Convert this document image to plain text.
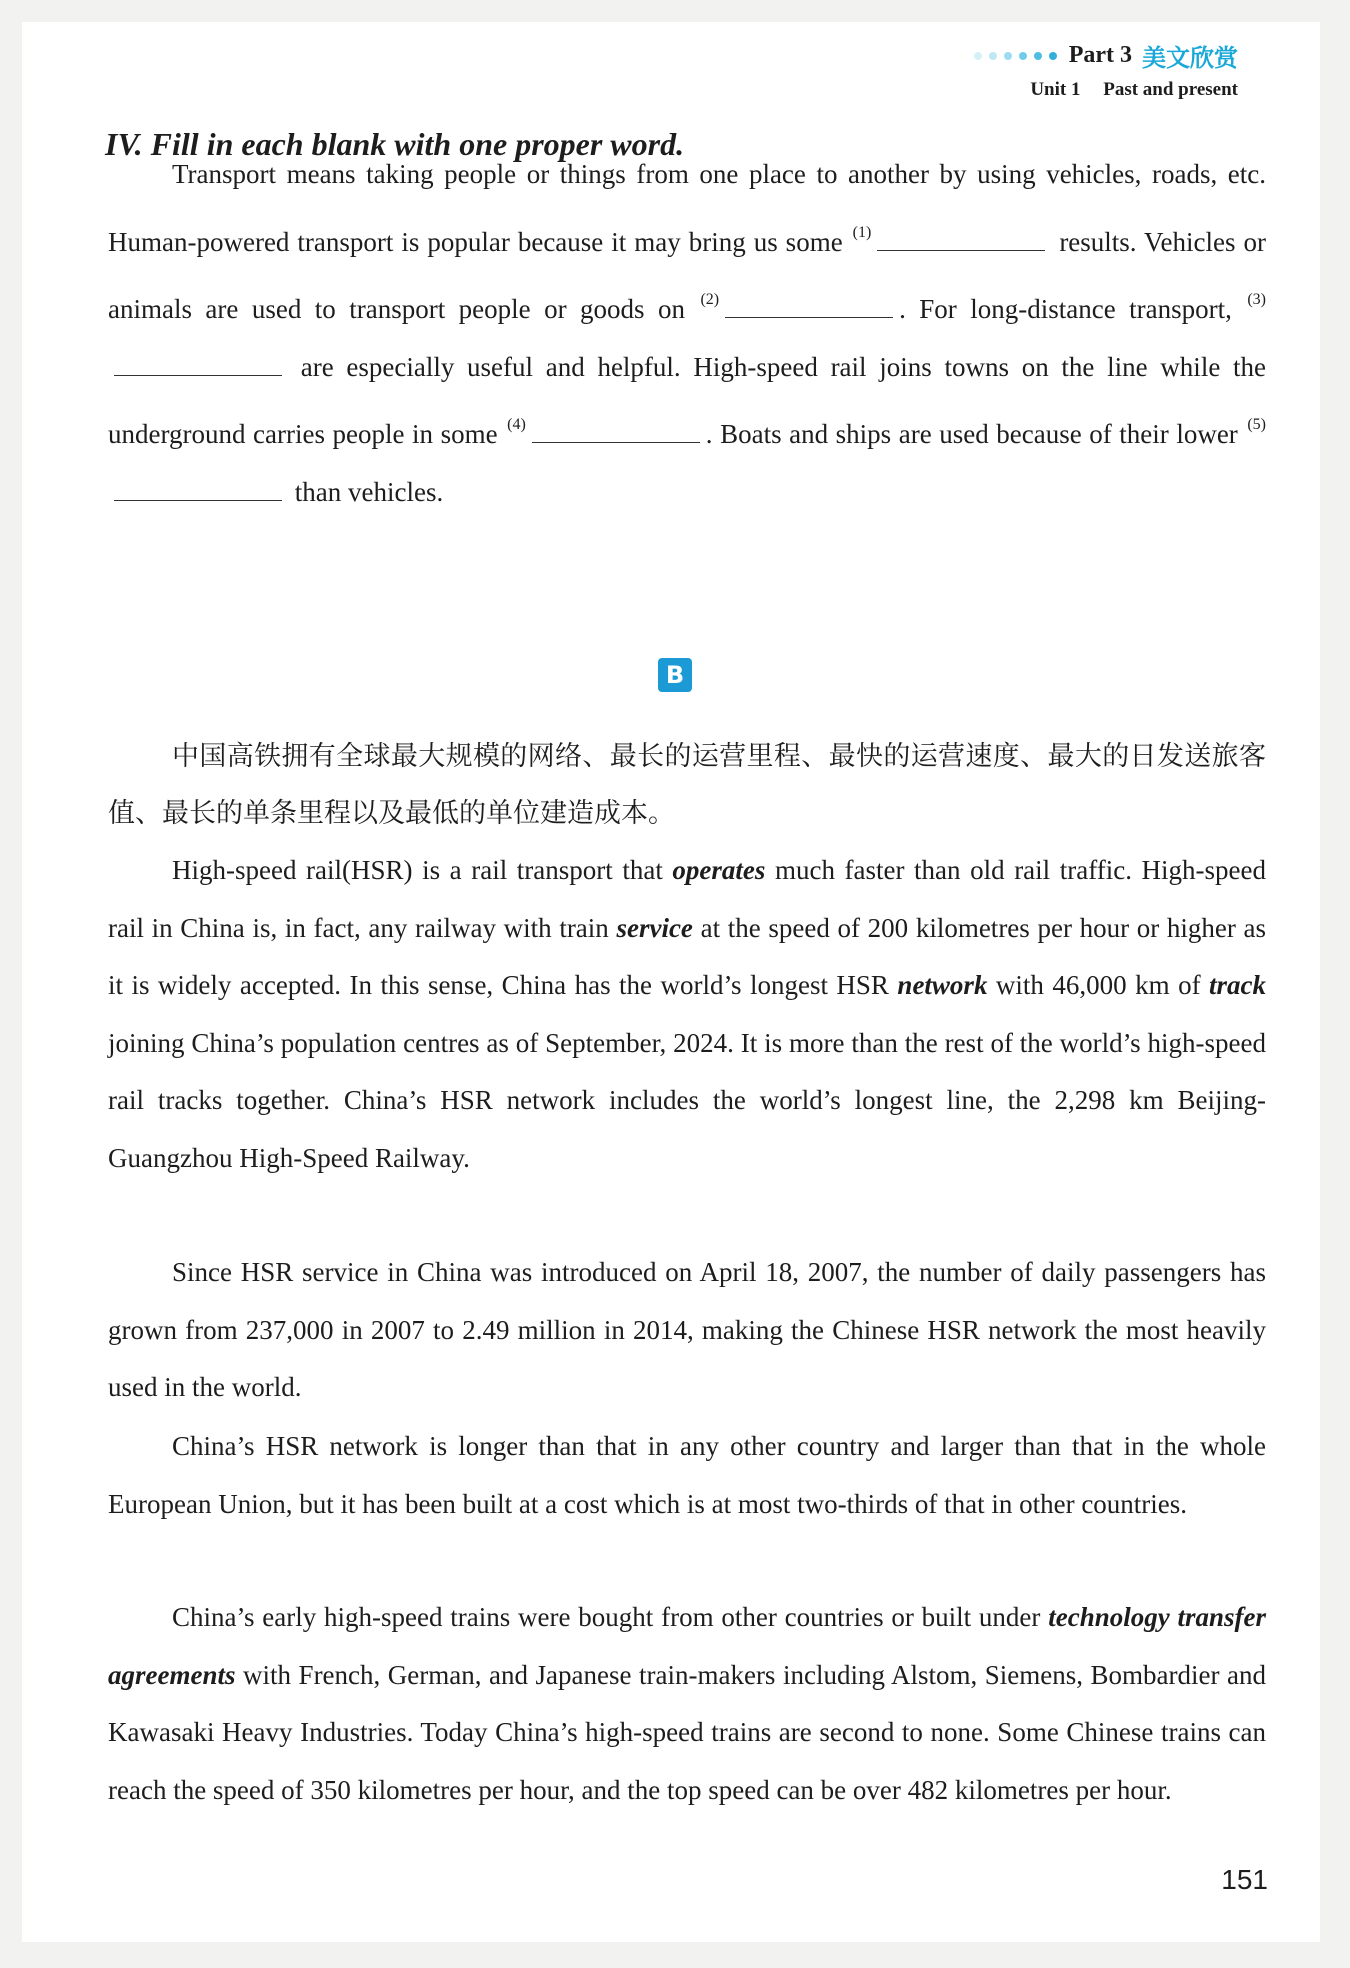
Part 3 美文欣赏
Unit 1 Past and present
IV. Fill in each blank with one proper word.
Transport means taking people or things from one place to another by using vehicles, roads, etc. Human-powered transport is popular because it may bring us some $^{(1)}$	results. Vehicles or animals are used to transport people or goods on $^{(2)}$	. For long-distance transport, $^{(3)}$ are especially useful and helpful. High-speed rail joins towns on the line while the underground carries people in some $^{(4)}$	. Boats and ships are used because of their lower $^{(5)}$ than vehicles.
B
中国高铁拥有全球最大规模的网络、最长的运营里程、最快的运营速度、最大的日发送旅客值、最长的单条里程以及最低的单位建造成本。
High-speed rail(HSR) is a rail transport that operates much faster than old rail traffic. High-speed rail in China is, in fact, any railway with train service at the speed of 200 kilometres per hour or higher as it is widely accepted. In this sense, China has the world’s longest HSR network with 46,000 km of track joining China’s population centres as of September, 2024. It is more than the rest of the world’s high-speed rail tracks together. China’s HSR network includes the world’s longest line, the 2,298 km Beijing-Guangzhou High-Speed Railway.
Since HSR service in China was introduced on April 18, 2007, the number of daily passengers has grown from 237,000 in 2007 to 2.49 million in 2014, making the Chinese HSR network the most heavily used in the world.
China’s HSR network is longer than that in any other country and larger than that in the whole European Union, but it has been built at a cost which is at most two-thirds of that in other countries.
China’s early high-speed trains were bought from other countries or built under technology transfer agreements with French, German, and Japanese train-makers including Alstom, Siemens, Bombardier and Kawasaki Heavy Industries. Today China’s high-speed trains are second to none. Some Chinese trains can reach the speed of 350 kilometres per hour, and the top speed can be over 482 kilometres per hour.
151
